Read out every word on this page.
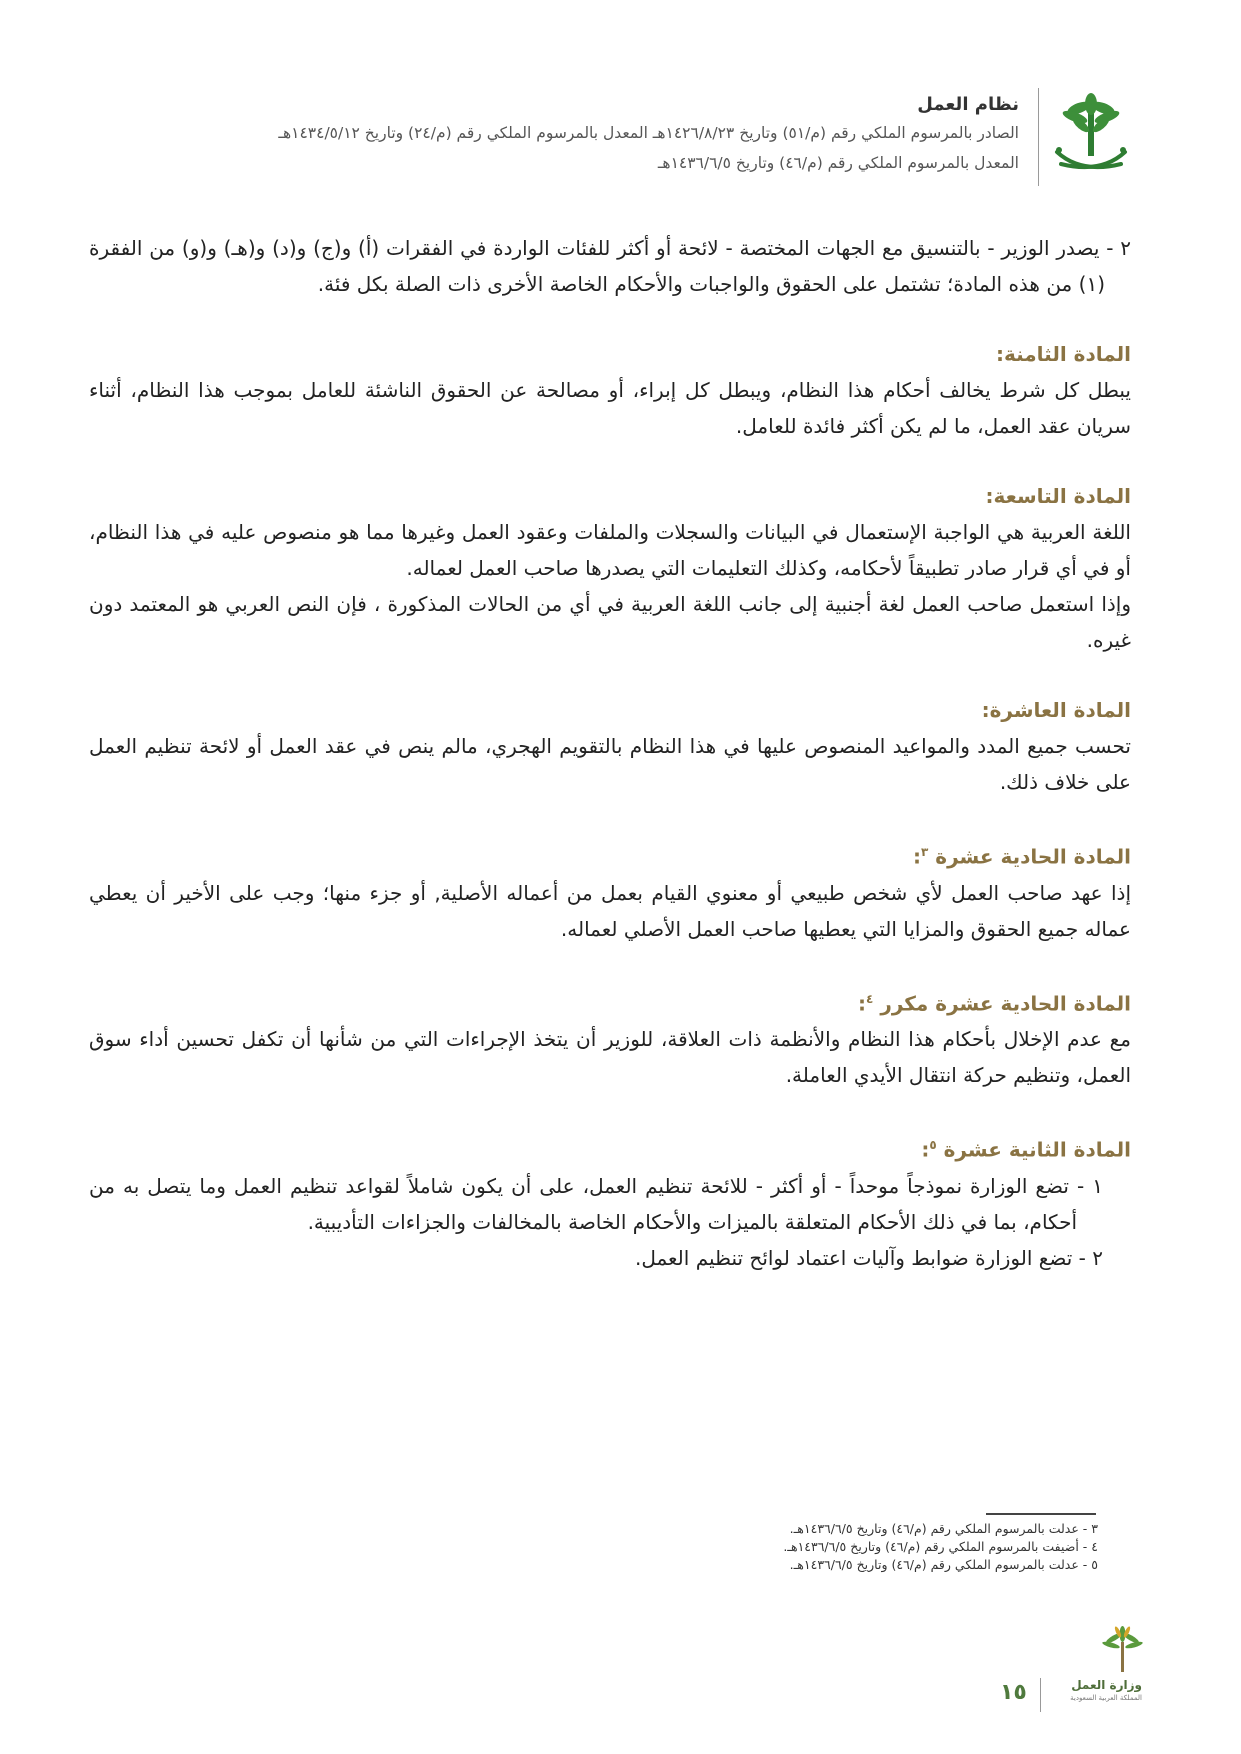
نظام العمل
الصادر بالمرسوم الملكي رقم (م/٥١) وتاريخ ١٤٢٦/٨/٢٣هـ المعدل بالمرسوم الملكي رقم (م/٢٤) وتاريخ ١٤٣٤/٥/١٢هـ
المعدل بالمرسوم الملكي رقم (م/٤٦) وتاريخ ١٤٣٦/٦/٥هـ

٢ - يصدر الوزير - بالتنسيق مع الجهات المختصة - لائحة أو أكثر للفئات الواردة في الفقرات (أ) و(ج) و(د) و(هـ) و(و) من الفقرة (١) من هذه المادة؛ تشتمل على الحقوق والواجبات والأحكام الخاصة الأخرى ذات الصلة بكل فئة.

المادة الثامنة:

يبطل كل شرط يخالف أحكام هذا النظام، ويبطل كل إبراء، أو مصالحة عن الحقوق الناشئة للعامل بموجب هذا النظام، أثناء سريان عقد العمل، ما لم يكن أكثر فائدة للعامل.

المادة التاسعة:

اللغة العربية هي الواجبة الإستعمال في البيانات والسجلات والملفات وعقود العمل وغيرها مما هو منصوص عليه في هذا النظام، أو في أي قرار صادر تطبيقاً لأحكامه، وكذلك التعليمات التي يصدرها صاحب العمل لعماله.

وإذا استعمل صاحب العمل لغة أجنبية إلى جانب اللغة العربية في أي من الحالات المذكورة ، فإن النص العربي هو المعتمد دون غيره.

المادة العاشرة:

تحسب جميع المدد والمواعيد المنصوص عليها في هذا النظام بالتقويم الهجري، مالم ينص في عقد العمل أو لائحة تنظيم العمل على خلاف ذلك.

المادة الحادية عشرة $^٣$:

إذا عهد صاحب العمل لأي شخص طبيعي أو معنوي القيام بعمل من أعماله الأصلية, أو جزء منها؛ وجب على الأخير أن يعطي عماله جميع الحقوق والمزايا التي يعطيها صاحب العمل الأصلي لعماله.

المادة الحادية عشرة مكرر $^٤$:

مع عدم الإخلال بأحكام هذا النظام والأنظمة ذات العلاقة، للوزير أن يتخذ الإجراءات التي من شأنها أن تكفل تحسين أداء سوق العمل، وتنظيم حركة انتقال الأيدي العاملة.

المادة الثانية عشرة $^٥$:

١ - تضع الوزارة نموذجاً موحداً - أو أكثر - للائحة تنظيم العمل، على أن يكون شاملاً لقواعد تنظيم العمل وما يتصل به من أحكام، بما في ذلك الأحكام المتعلقة بالميزات والأحكام الخاصة بالمخالفات والجزاءات التأديبية.

٢ - تضع الوزارة ضوابط وآليات اعتماد لوائح تنظيم العمل.

٣ - عدلت بالمرسوم الملكي رقم (م/٤٦) وتاريخ ١٤٣٦/٦/٥هـ.
٤ - أضيفت بالمرسوم الملكي رقم (م/٤٦) وتاريخ ١٤٣٦/٦/٥هـ.
٥ - عدلت بالمرسوم الملكي رقم (م/٤٦) وتاريخ ١٤٣٦/٦/٥هـ.
وزارة العمل
المملكة العربية السعودية
١٥
